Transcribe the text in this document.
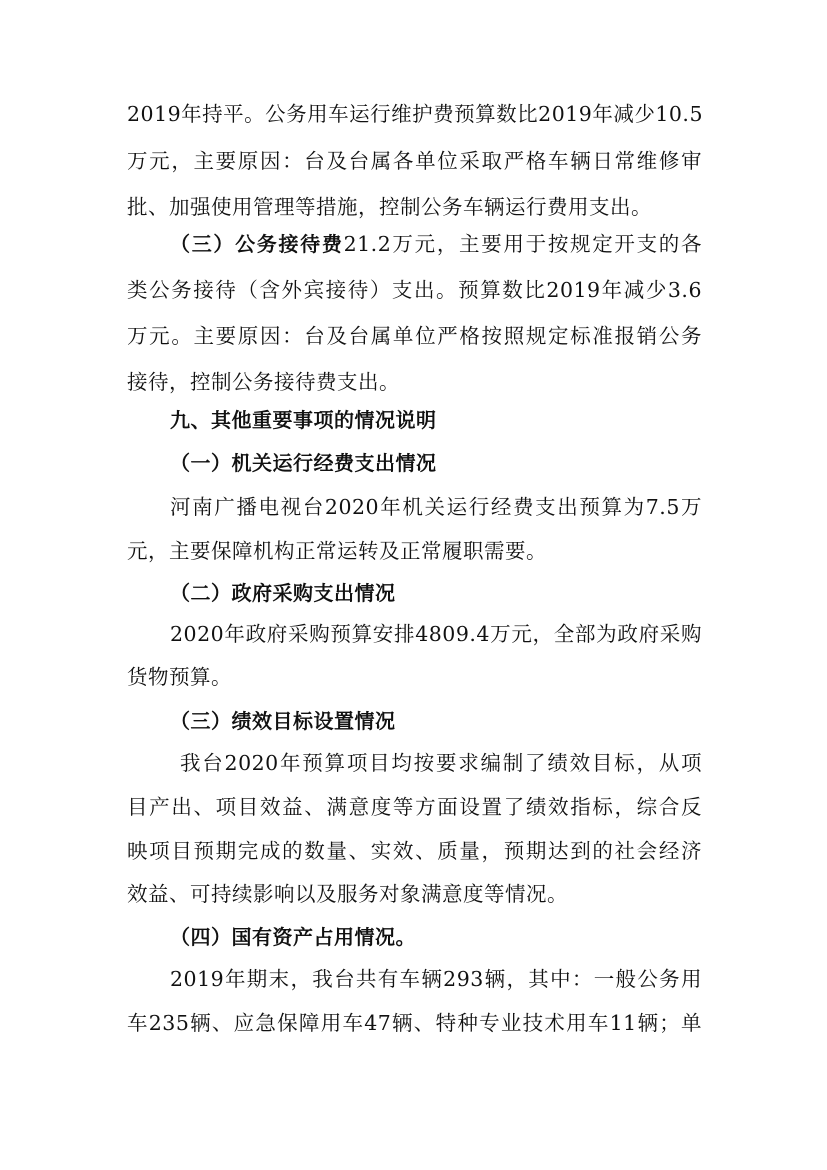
2019年持平。公务用车运行维护费预算数比2019年减少10.5
万元，主要原因：台及台属各单位采取严格车辆日常维修审
批、加强使用管理等措施，控制公务车辆运行费用支出。
（三）公务接待费21.2万元，主要用于按规定开支的各
类公务接待（含外宾接待）支出。预算数比2019年减少3.6
万元。主要原因：台及台属单位严格按照规定标准报销公务
接待，控制公务接待费支出。
九、其他重要事项的情况说明
（一）机关运行经费支出情况
河南广播电视台2020年机关运行经费支出预算为7.5万
元，主要保障机构正常运转及正常履职需要。
（二）政府采购支出情况
2020年政府采购预算安排4809.4万元，全部为政府采购
货物预算。
（三）绩效目标设置情况
我台2020年预算项目均按要求编制了绩效目标，从项
目产出、项目效益、满意度等方面设置了绩效指标，综合反
映项目预期完成的数量、实效、质量，预期达到的社会经济
效益、可持续影响以及服务对象满意度等情况。
（四）国有资产占用情况。
2019年期末，我台共有车辆293辆，其中：一般公务用
车235辆、应急保障用车47辆、特种专业技术用车11辆；单
